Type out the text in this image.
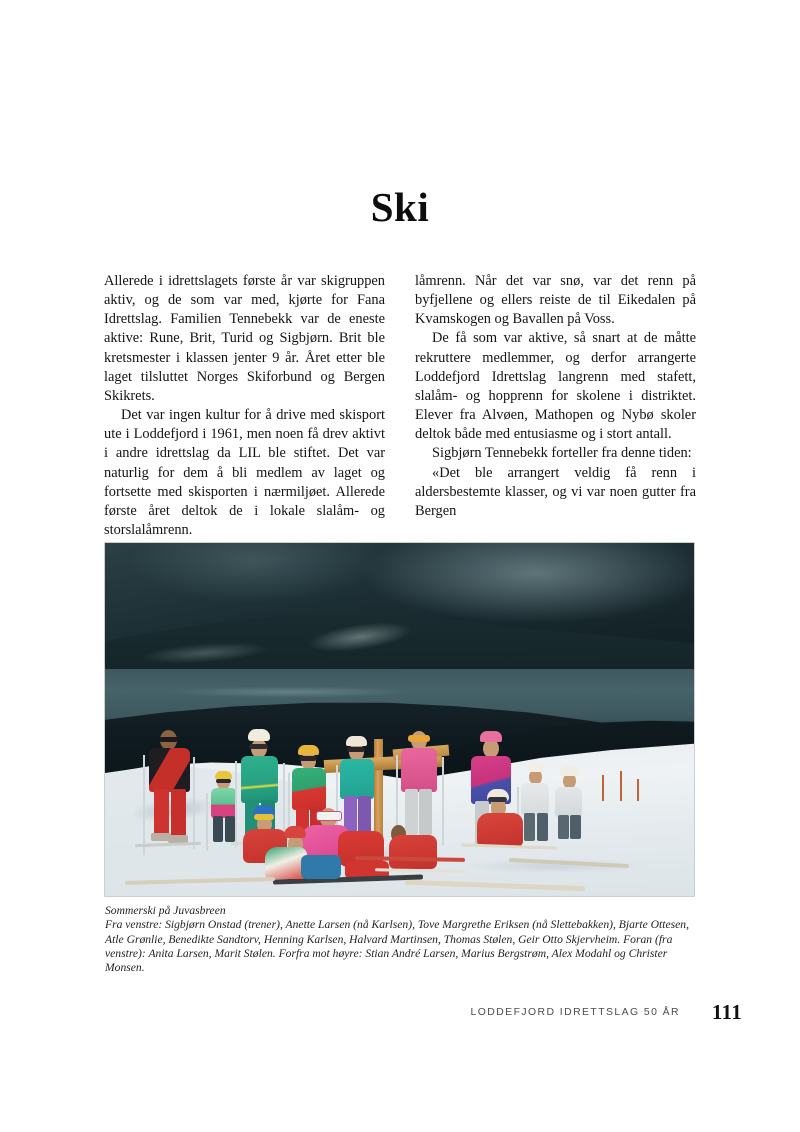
Ski

Allerede i idrettslagets første år var skigruppen aktiv, og de som var med, kjørte for Fana Idrettslag. Familien Tennebekk var de eneste aktive: Rune, Brit, Turid og Sigbjørn. Brit ble kretsmester i klassen jenter 9 år. Året etter ble laget tilsluttet Norges Skiforbund og Bergen Skikrets.

Det var ingen kultur for å drive med skisport ute i Loddefjord i 1961, men noen få drev aktivt i andre idrettslag da LIL ble stiftet. Det var naturlig for dem å bli medlem av laget og fortsette med skisporten i nærmiljøet. Allerede første året deltok de i lokale slalåm- og storslalåmrenn.

låmrenn. Når det var snø, var det renn på byfjellene og ellers reiste de til Eikedalen på Kvamskogen og Bavallen på Voss.

De få som var aktive, så snart at de måtte rekruttere medlemmer, og derfor arrangerte Loddefjord Idrettslag langrenn med stafett, slalåm- og hopprenn for skolene i distriktet. Elever fra Alvøen, Mathopen og Nybø skoler deltok både med entusiasme og i stort antall.

Sigbjørn Tennebekk forteller fra denne tiden:

«Det ble arrangert veldig få renn i aldersbestemte klasser, og vi var noen gutter fra Bergen

Sommerski på Juvasbreen
Fra venstre: Sigbjørn Onstad (trener), Anette Larsen (nå Karlsen), Tove Margrethe Eriksen (nå Slettebakken), Bjarte Ottesen, Atle Grønlie, Benedikte Sandtorv, Henning Karlsen, Halvard Martinsen, Thomas Stølen, Geir Otto Skjervheim. Foran (fra venstre): Anita Larsen, Marit Stølen. Forfra mot høyre: Stian André Larsen, Marius Bergstrøm, Alex Modahl og Christer Monsen.
LODDEFJORD IDRETTSLAG 50 ÅR 111
